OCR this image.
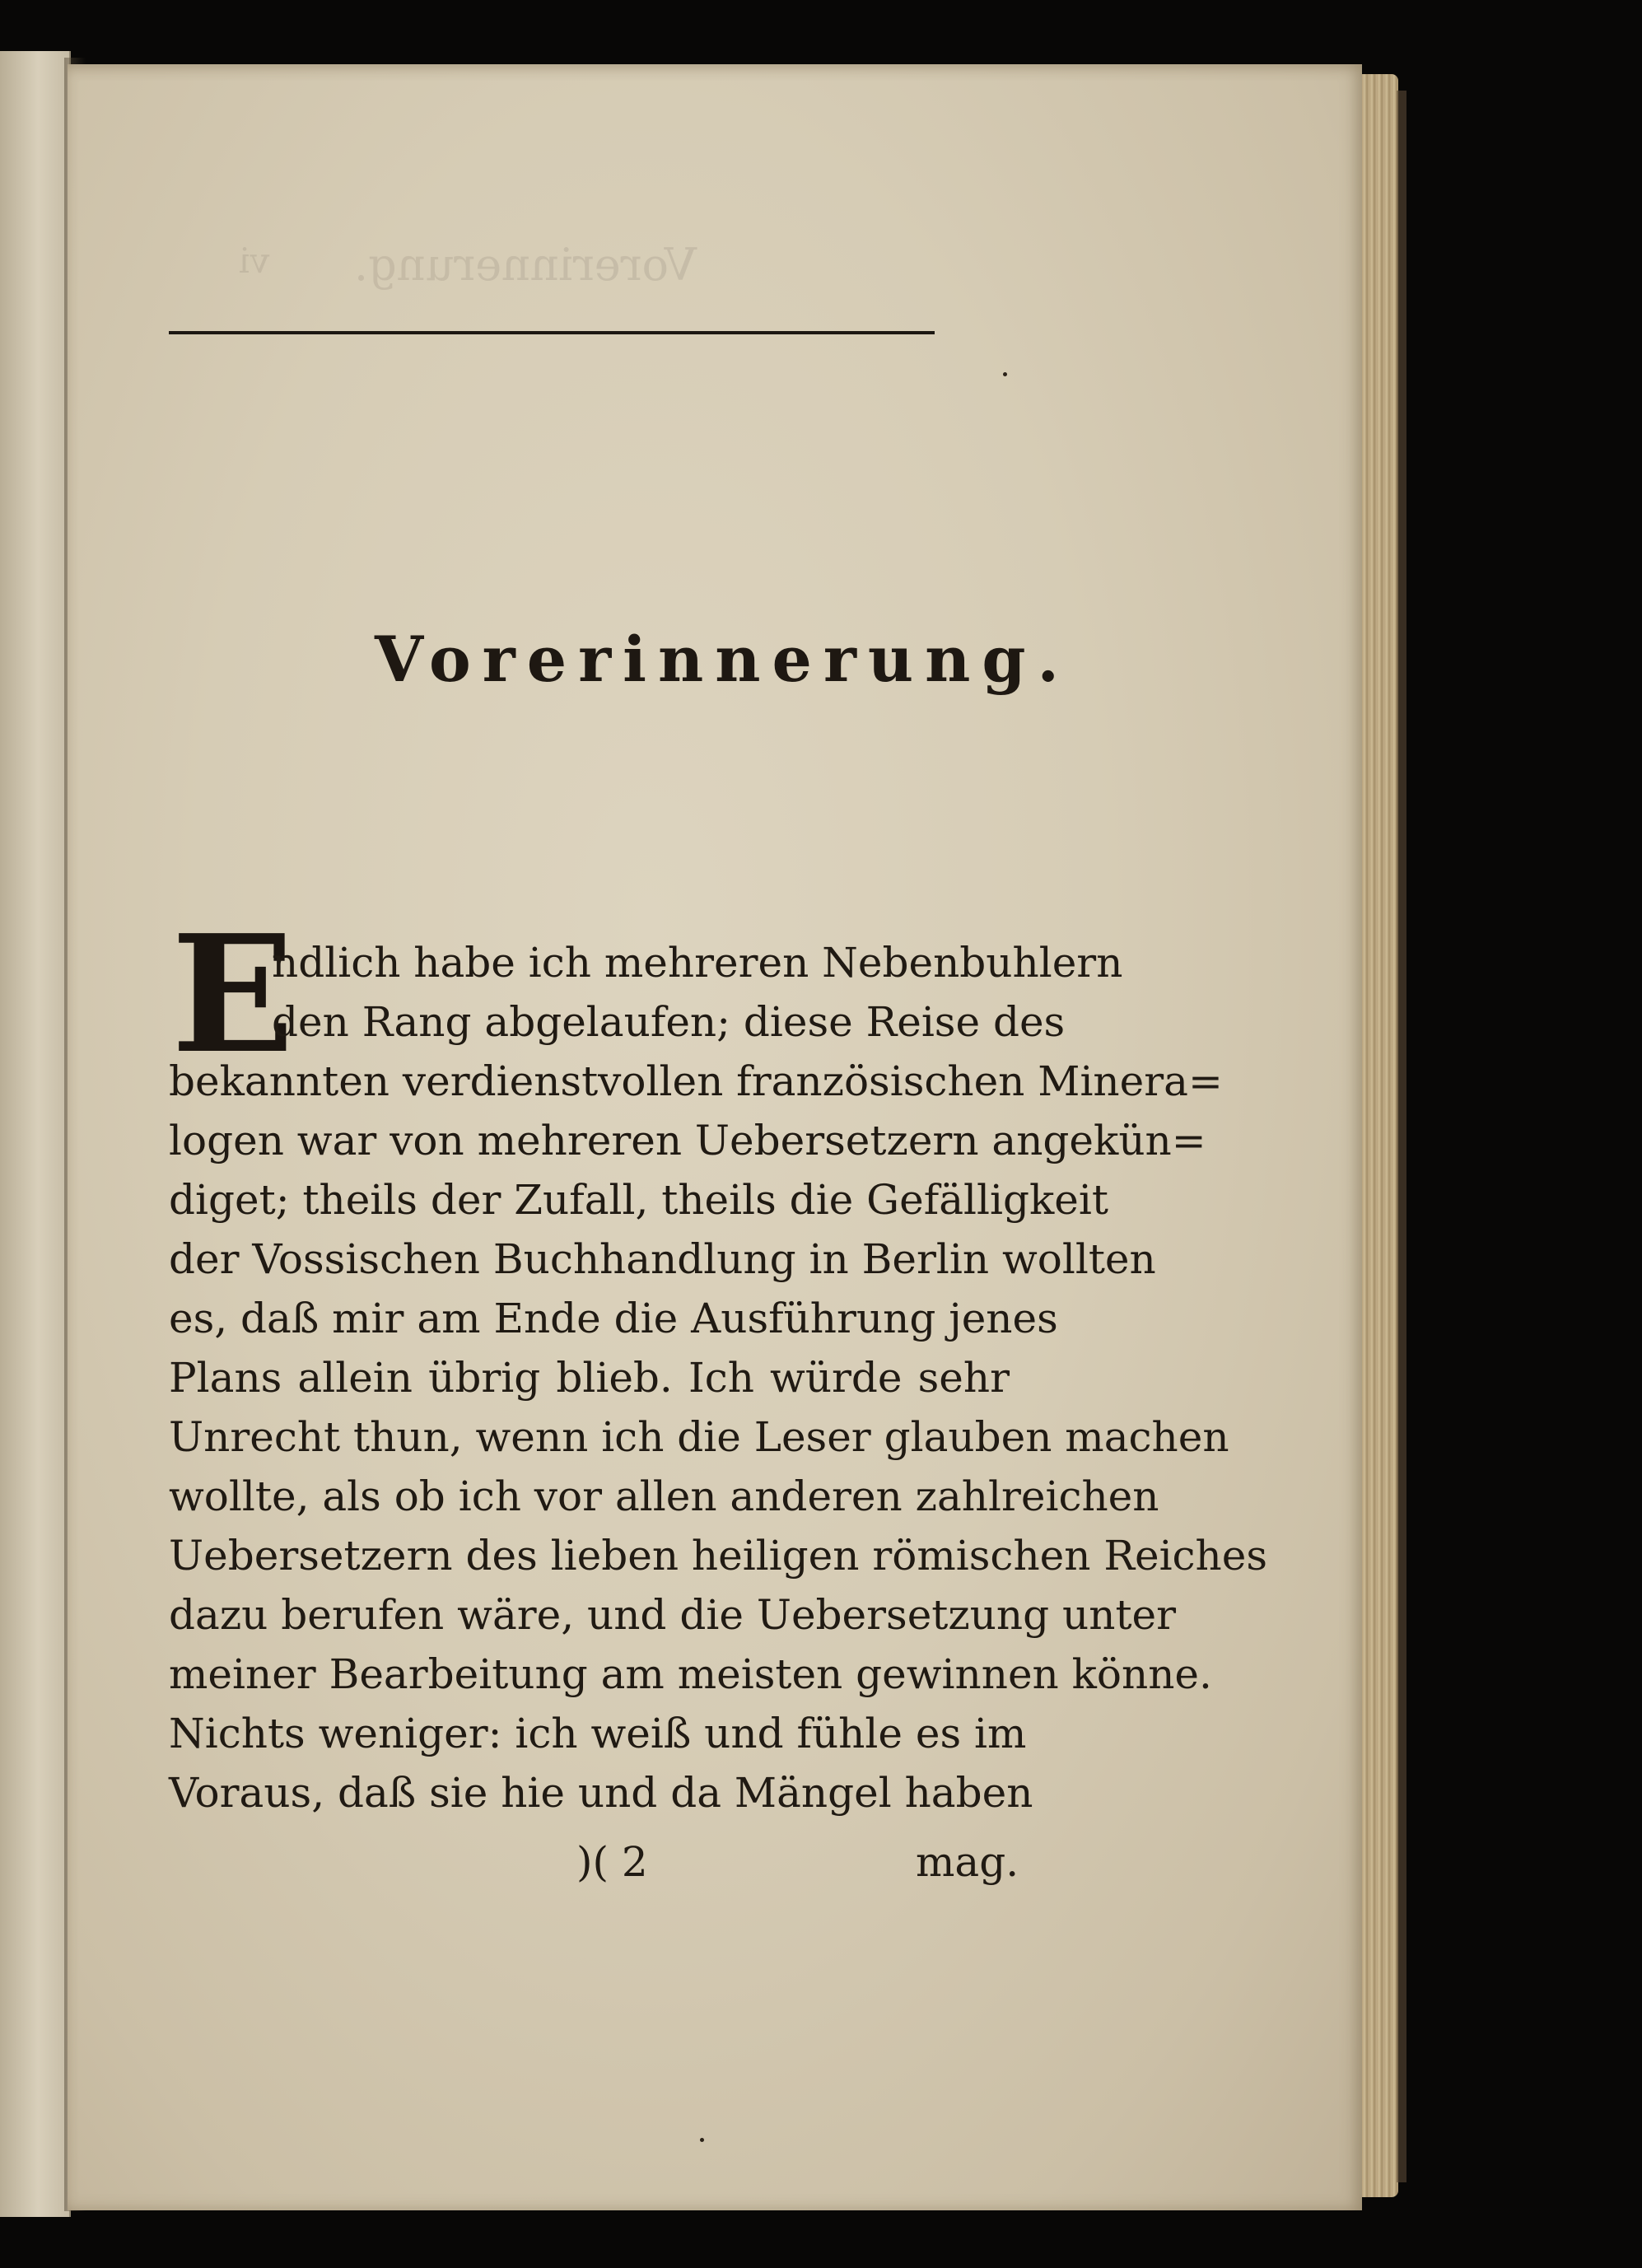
Vorerinnerung.
vi
Vorerinnerung.
E
ndlich habe ich mehreren Nebenbuhlern
den Rang abgelaufen; diese Reise des
bekannten verdienstvollen französischen Minera=
logen war von mehreren Uebersetzern angekün=
diget; theils der Zufall, theils die Gefälligkeit
der Vossischen Buchhandlung in Berlin wollten
es, daß mir am Ende die Ausführung jenes
Plans allein übrig blieb. Ich würde sehr
Unrecht thun, wenn ich die Leser glauben machen
wollte, als ob ich vor allen anderen zahlreichen
Uebersetzern des lieben heiligen römischen Reiches
dazu berufen wäre, und die Uebersetzung unter
meiner Bearbeitung am meisten gewinnen könne.
Nichts weniger: ich weiß und fühle es im
Voraus, daß sie hie und da Mängel haben
)( 2	mag.
